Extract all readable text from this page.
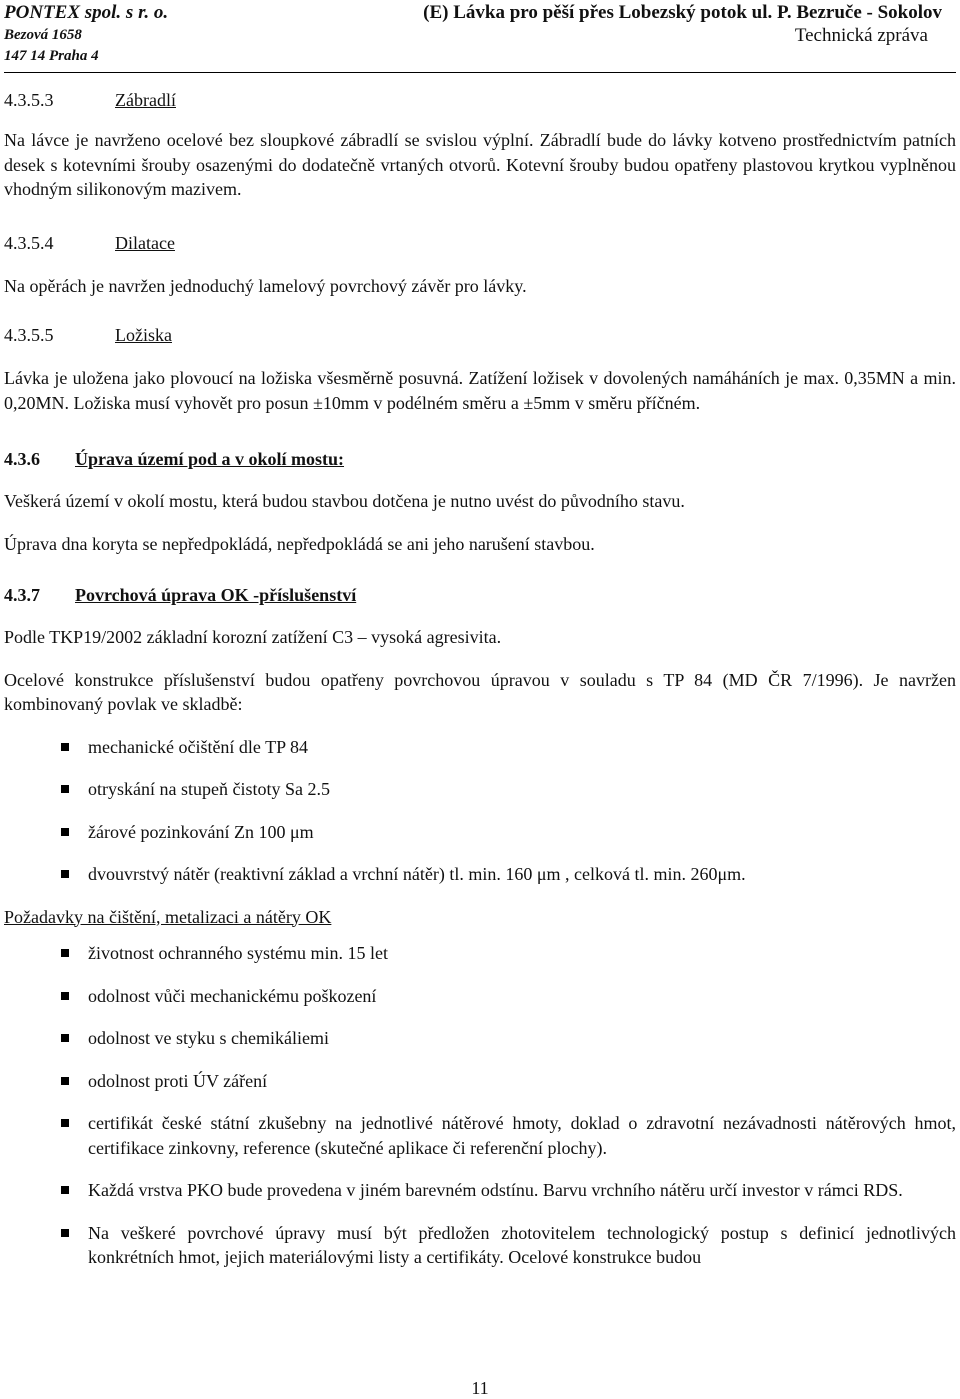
PONTEX spol. s r. o.
Bezová 1658
147 14 Praha 4
(E) Lávka pro pěší přes Lobezský potok ul. P. Bezruče - Sokolov
Technická zpráva
4.3.5.3	Zábradlí

Na lávce je navrženo ocelové bez sloupkové zábradlí se svislou výplní. Zábradlí bude do lávky kotveno prostřednictvím patních desek s kotevními šrouby osazenými do dodatečně vrtaných otvorů. Kotevní šrouby budou opatřeny plastovou krytkou vyplněnou vhodným silikonovým mazivem.

4.3.5.4	Dilatace

Na opěrách je navržen jednoduchý lamelový povrchový závěr pro lávky.

4.3.5.5	Ložiska

Lávka je uložena jako plovoucí na ložiska všesměrně posuvná. Zatížení ložisek v dovolených namáháních je max. 0,35MN a min. 0,20MN. Ložiska musí vyhovět pro posun ±10mm v podélném směru a ±5mm v směru příčném.

4.3.6 Úprava území pod a v okolí mostu:

Veškerá území v okolí mostu, která budou stavbou dotčena je nutno uvést do původního stavu.

Úprava dna koryta se nepředpokládá, nepředpokládá se ani jeho narušení stavbou.

4.3.7 Povrchová úprava OK -příslušenství

Podle TKP19/2002 základní korozní zatížení C3 – vysoká agresivita.

Ocelové konstrukce příslušenství budou opatřeny povrchovou úpravou v souladu s TP 84 (MD ČR 7/1996). Je navržen kombinovaný povlak ve skladbě:

mechanické očištění dle TP 84
otryskání na stupeň čistoty Sa 2.5
žárové pozinkování Zn 100 μm
dvouvrstvý nátěr (reaktivní základ a vrchní nátěr) tl. min. 160 μm , celková tl. min. 260μm.

Požadavky na čištění, metalizaci a nátěry OK

životnost ochranného systému min. 15 let
odolnost vůči mechanickému poškození
odolnost ve styku s chemikáliemi
odolnost proti ÚV záření
certifikát české státní zkušebny na jednotlivé nátěrové hmoty, doklad o zdravotní nezávadnosti nátěrových hmot, certifikace zinkovny, reference (skutečné aplikace či referenční plochy).
Každá vrstva PKO bude provedena v jiném barevném odstínu. Barvu vrchního nátěru určí investor v rámci RDS.
Na veškeré povrchové úpravy musí být předložen zhotovitelem technologický postup s definicí jednotlivých konkrétních hmot, jejich materiálovými listy a certifikáty. Ocelové konstrukce budou
11
